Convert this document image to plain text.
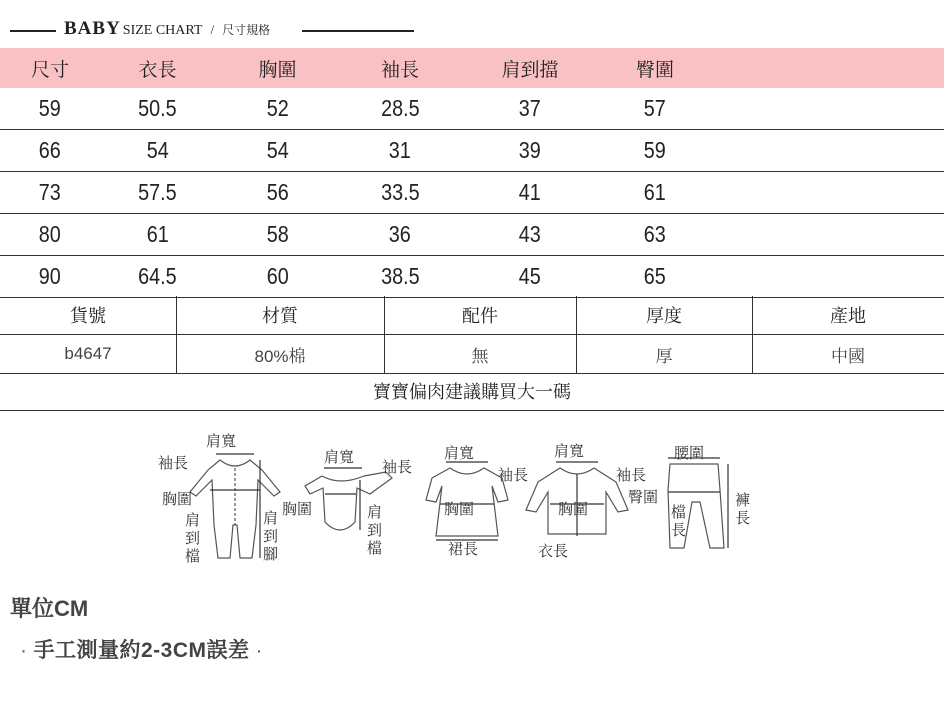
BABY SIZE CHART / 尺寸規格
尺寸	衣長	胸圍	袖長	肩到擋	臀圍
59	50.5	52	28.5	37	57
66	54	54	31	39	59
73	57.5	56	33.5	41	61
80	61	58	36	43	63
90	64.5	60	38.5	45	65
貨號	材質	配件	厚度	產地
b4647	80%棉	無	厚	中國
寶寶偏肉建議購買大一碼
肩寬
袖長
胸圍
肩到檔	肩到腳
肩寬
袖長
胸圍	肩到檔
肩寬
袖長
胸圍
裙長
肩寬
袖長
胸圍
衣長
腰圍
臀圍
檔長	褲長
單位CM
· 手工測量約2-3CM誤差 ·
